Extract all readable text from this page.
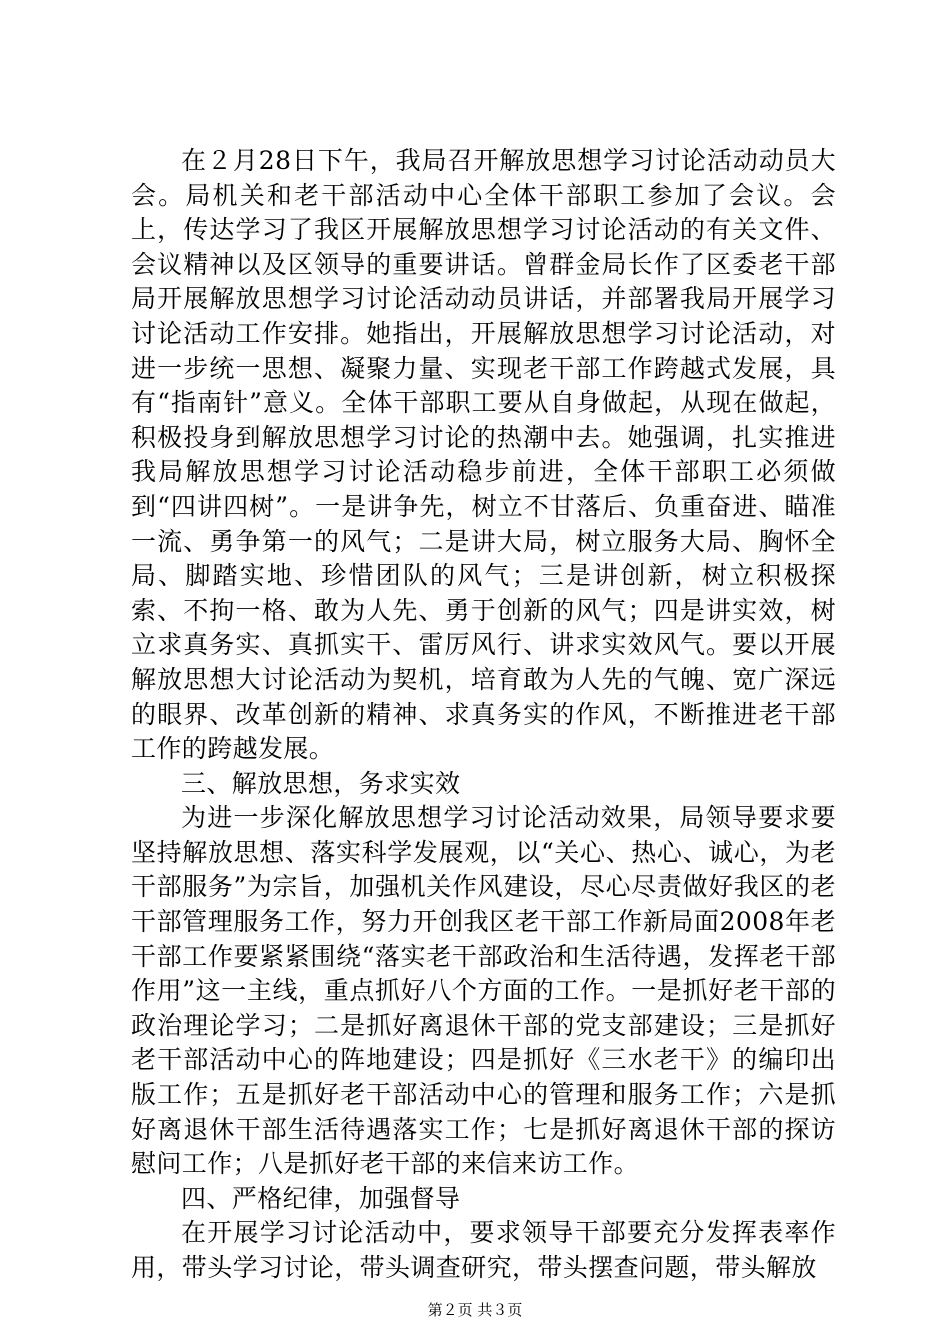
在２月28日下午，我局召开解放思想学习讨论活动动员大会。局机关和老干部活动中心全体干部职工参加了会议。会上，传达学习了我区开展解放思想学习讨论活动的有关文件、会议精神以及区领导的重要讲话。曾群金局长作了区委老干部局开展解放思想学习讨论活动动员讲话，并部署我局开展学习讨论活动工作安排。她指出，开展解放思想学习讨论活动，对进一步统一思想、凝聚力量、实现老干部工作跨越式发展，具有“指南针”意义。全体干部职工要从自身做起，从现在做起，积极投身到解放思想学习讨论的热潮中去。她强调，扎实推进我局解放思想学习讨论活动稳步前进，全体干部职工必须做到“四讲四树”。一是讲争先，树立不甘落后、负重奋进、瞄准一流、勇争第一的风气；二是讲大局，树立服务大局、胸怀全局、脚踏实地、珍惜团队的风气；三是讲创新，树立积极探索、不拘一格、敢为人先、勇于创新的风气；四是讲实效，树立求真务实、真抓实干、雷厉风行、讲求实效风气。要以开展解放思想大讨论活动为契机，培育敢为人先的气魄、宽广深远的眼界、改革创新的精神、求真务实的作风，不断推进老干部工作的跨越发展。

三、解放思想，务求实效

为进一步深化解放思想学习讨论活动效果，局领导要求要坚持解放思想、落实科学发展观，以“关心、热心、诚心，为老干部服务”为宗旨，加强机关作风建设，尽心尽责做好我区的老干部管理服务工作，努力开创我区老干部工作新局面2008年老干部工作要紧紧围绕“落实老干部政治和生活待遇，发挥老干部作用”这一主线，重点抓好八个方面的工作。一是抓好老干部的政治理论学习；二是抓好离退休干部的党支部建设；三是抓好老干部活动中心的阵地建设；四是抓好《三水老干》的编印出版工作；五是抓好老干部活动中心的管理和服务工作；六是抓好离退休干部生活待遇落实工作；七是抓好离退休干部的探访慰问工作；八是抓好老干部的来信来访工作。

四、严格纪律，加强督导

在开展学习讨论活动中，要求领导干部要充分发挥表率作用，带头学习讨论，带头调查研究，带头摆查问题，带头解放

第２页 共３页
